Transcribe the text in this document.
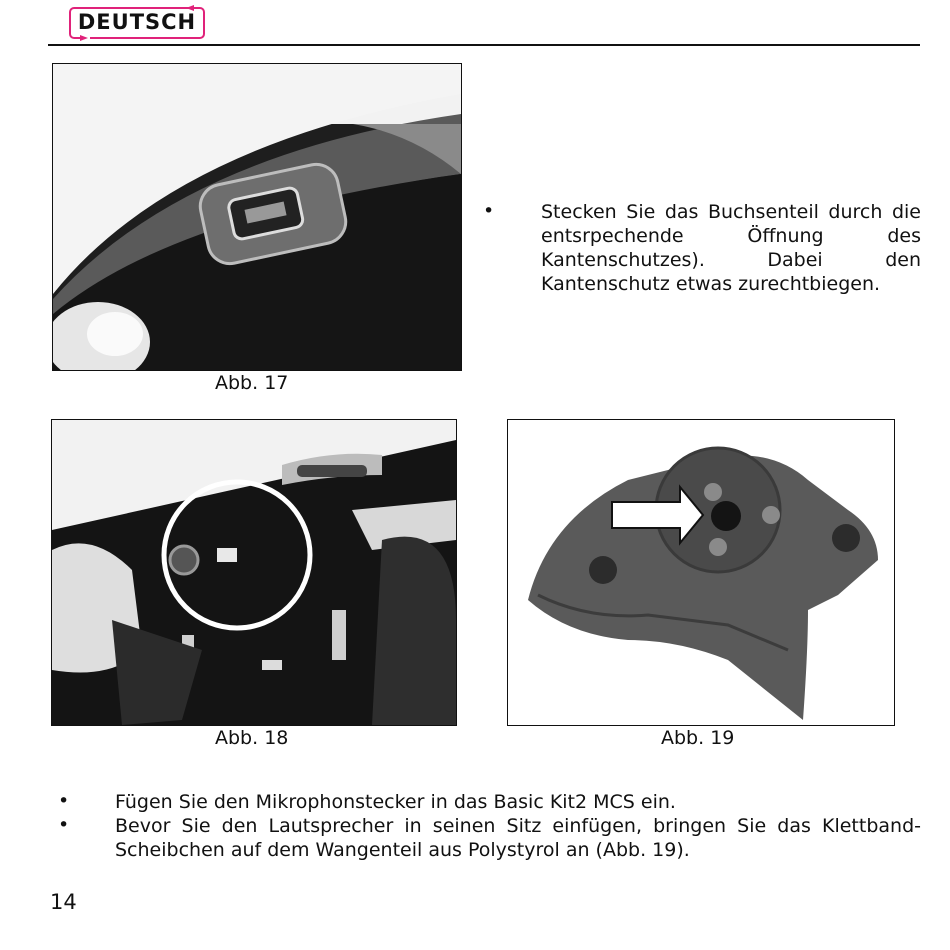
DEUTSCH
Abb. 17
• Stecken Sie das Buchsenteil durch die entsrpechende Öffnung des Kantenschutzes). Dabei den Kantenschutz etwas zurechtbiegen.
Abb. 18	Abb. 19
• Fügen Sie den Mikrophonstecker in das Basic Kit2 MCS ein.
• Bevor Sie den Lautsprecher in seinen Sitz einfügen, bringen Sie das Klettband-Scheibchen auf dem Wangenteil aus Polystyrol an (Abb. 19).
14
